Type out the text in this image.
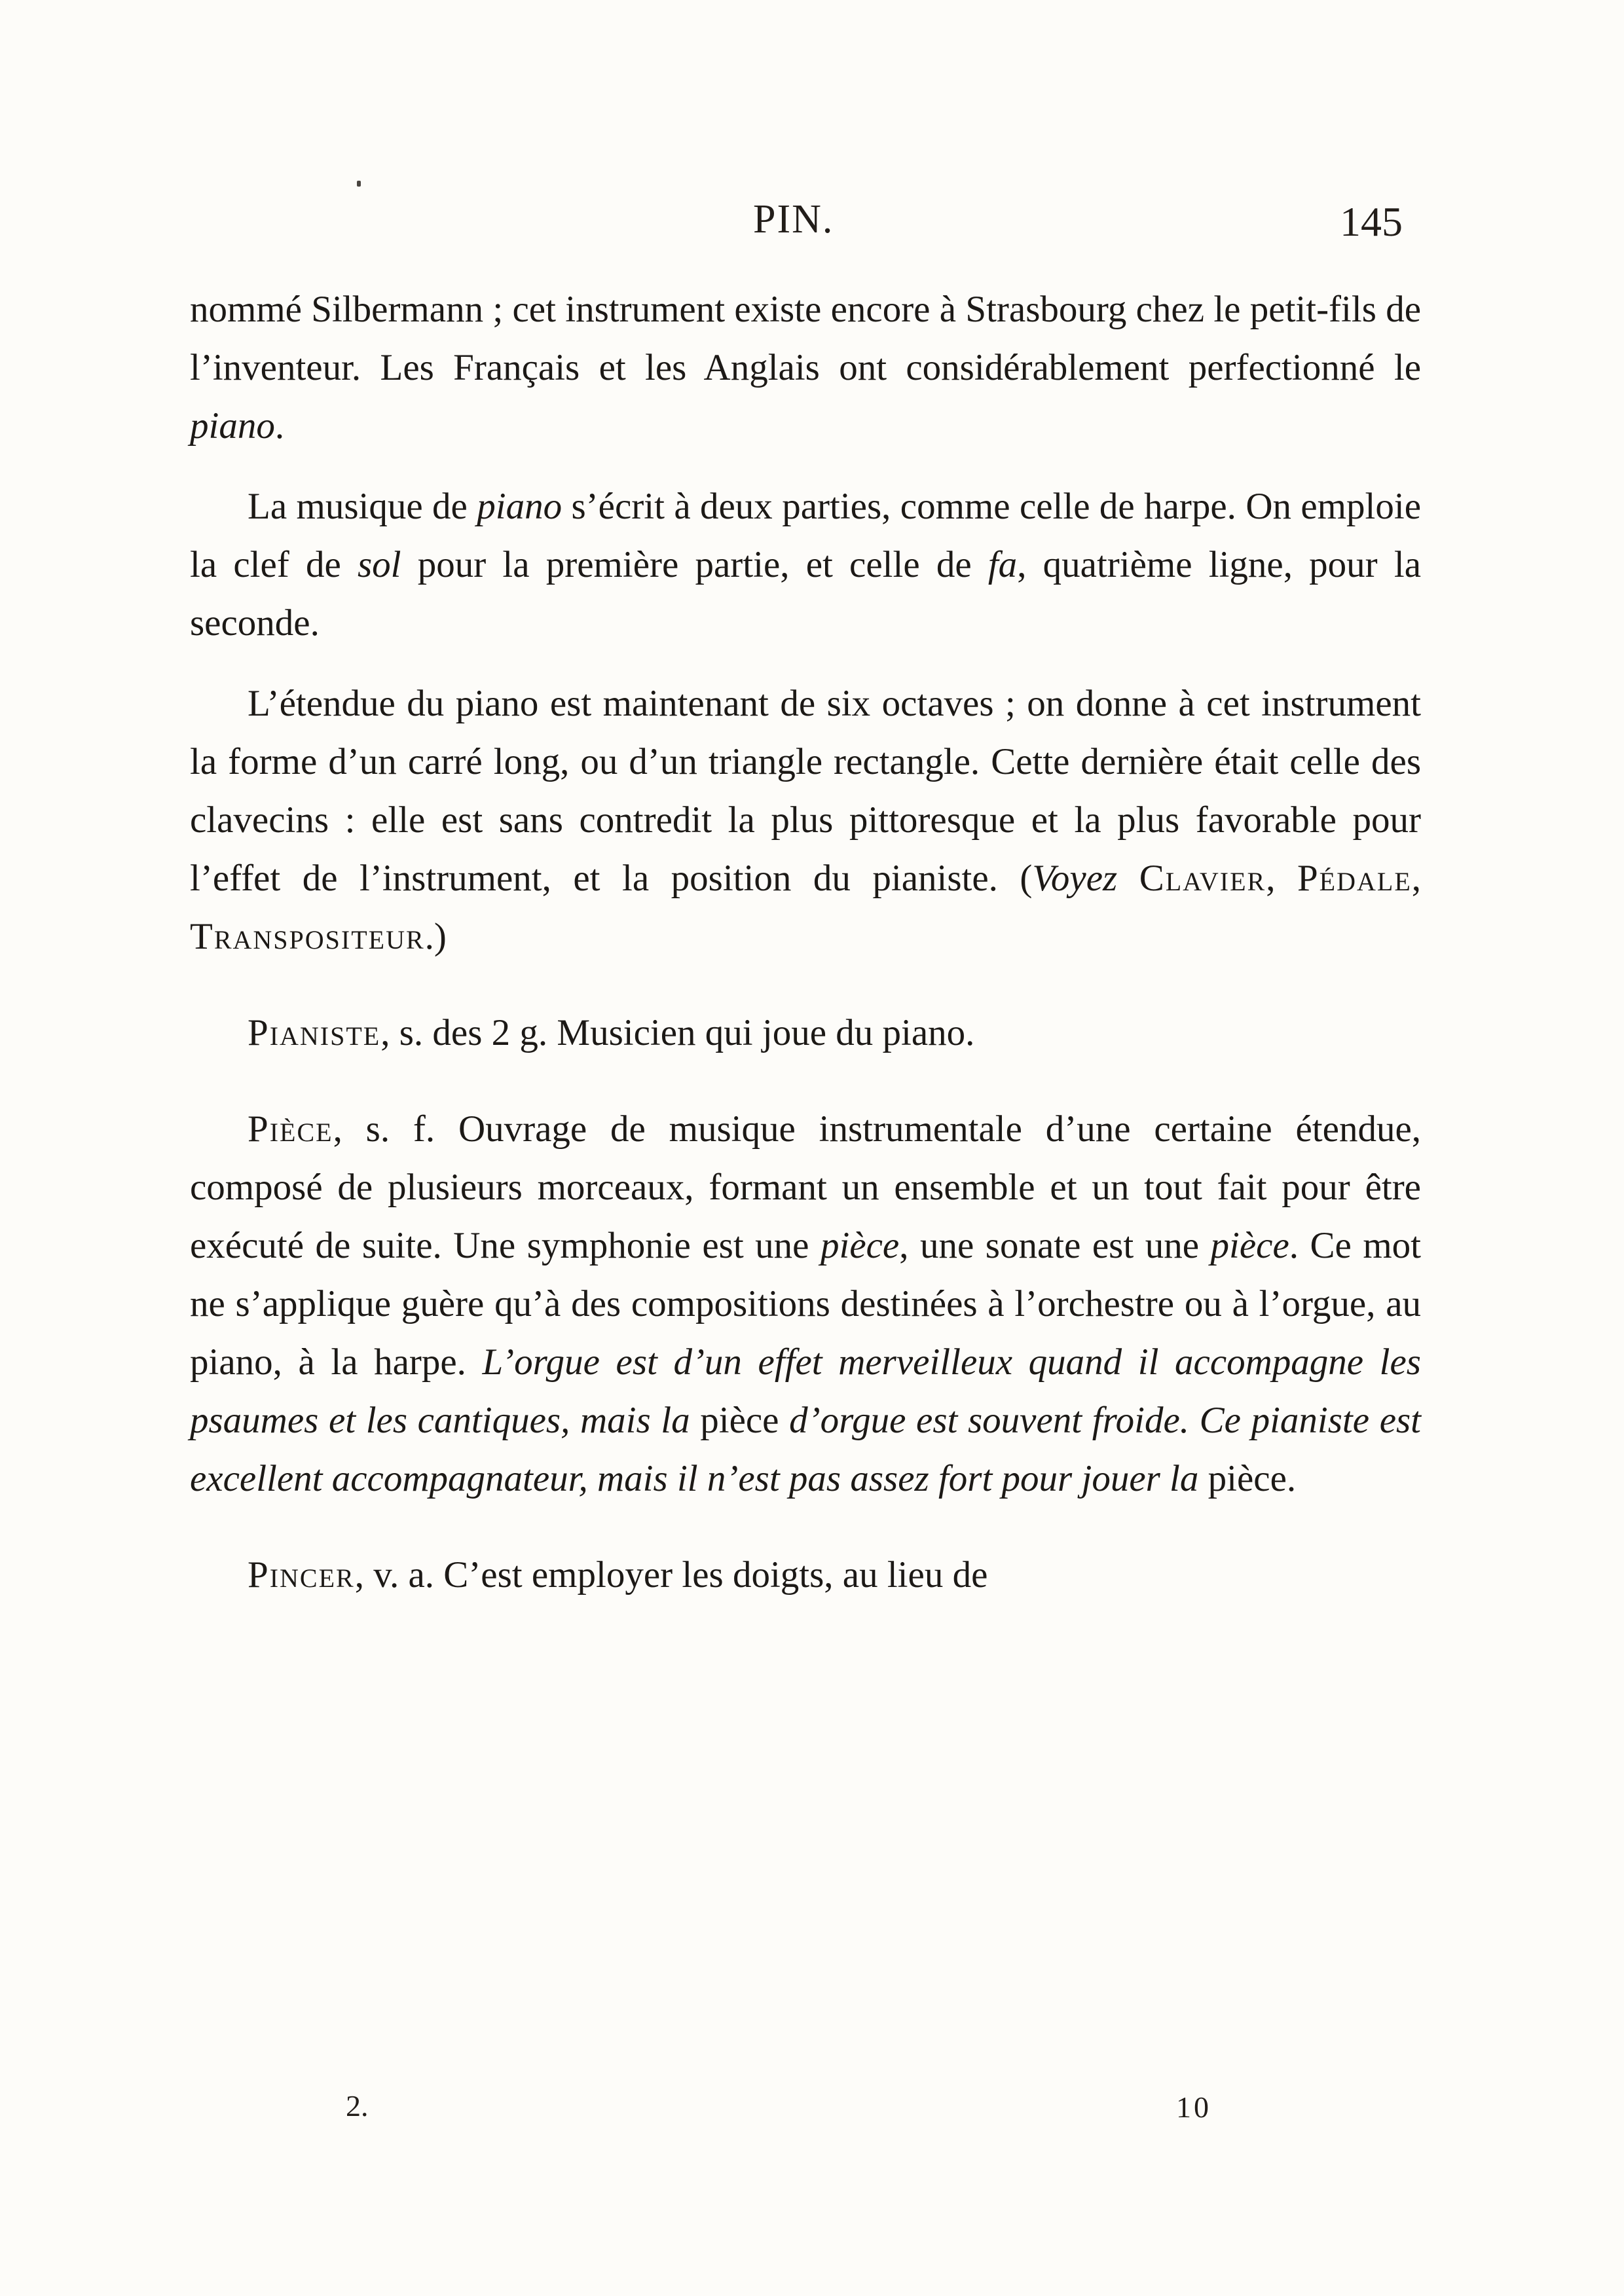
PIN.	145

nommé Silbermann ; cet instrument existe encore à Strasbourg chez le petit-fils de l’inventeur. Les Français et les Anglais ont considérablement perfectionné le piano.

La musique de piano s’écrit à deux parties, comme celle de harpe. On emploie la clef de sol pour la première partie, et celle de fa, quatrième ligne, pour la seconde.

L’étendue du piano est maintenant de six octaves ; on donne à cet instrument la forme d’un carré long, ou d’un triangle rectangle. Cette dernière était celle des clavecins : elle est sans contredit la plus pittoresque et la plus favorable pour l’effet de l’instrument, et la position du pianiste. (Voyez Clavier, Pédale, Transpositeur.)

Pianiste, s. des 2 g. Musicien qui joue du piano.

Pièce, s. f. Ouvrage de musique instrumentale d’une certaine étendue, composé de plusieurs morceaux, formant un ensemble et un tout fait pour être exécuté de suite. Une symphonie est une pièce, une sonate est une pièce. Ce mot ne s’applique guère qu’à des compositions destinées à l’orchestre ou à l’orgue, au piano, à la harpe. L’orgue est d’un effet merveilleux quand il accompagne les psaumes et les cantiques, mais la pièce d’orgue est souvent froide. Ce pianiste est excellent accompagnateur, mais il n’est pas assez fort pour jouer la pièce.

Pincer, v. a. C’est employer les doigts, au lieu de

2.	10
